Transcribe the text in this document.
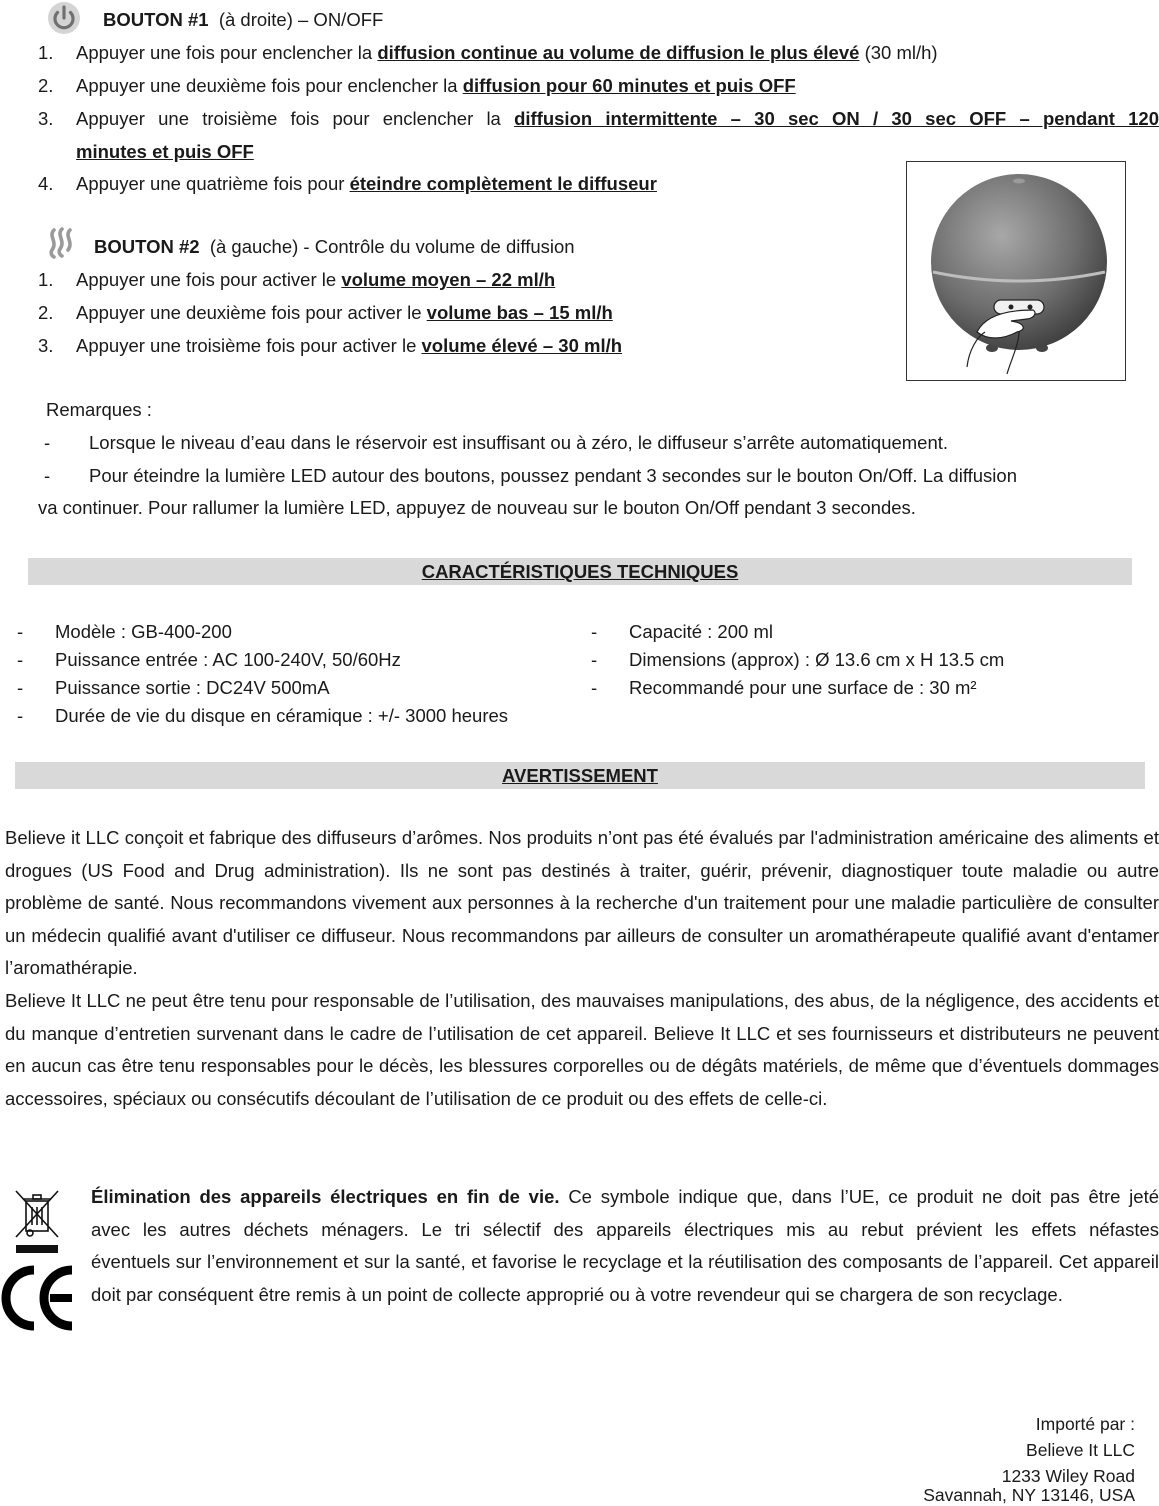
BOUTON #1 (à droite) – ON/OFF
1. Appuyer une fois pour enclencher la diffusion continue au volume de diffusion le plus élevé (30 ml/h)
2. Appuyer une deuxième fois pour enclencher la diffusion pour 60 minutes et puis OFF
3. Appuyer une troisième fois pour enclencher la diffusion intermittente – 30 sec ON / 30 sec OFF – pendant 120
minutes et puis OFF
4. Appuyer une quatrième fois pour éteindre complètement le diffuseur
BOUTON #2 (à gauche) - Contrôle du volume de diffusion
1. Appuyer une fois pour activer le volume moyen – 22 ml/h
2. Appuyer une deuxième fois pour activer le volume bas – 15 ml/h
3. Appuyer une troisième fois pour activer le volume élevé – 30 ml/h
Remarques :
- Lorsque le niveau d’eau dans le réservoir est insuffisant ou à zéro, le diffuseur s’arrête automatiquement.
- Pour éteindre la lumière LED autour des boutons, poussez pendant 3 secondes sur le bouton On/Off. La diffusion
va continuer. Pour rallumer la lumière LED, appuyez de nouveau sur le bouton On/Off pendant 3 secondes.
CARACTÉRISTIQUES TECHNIQUES
- Modèle : GB-400-200
- Puissance entrée : AC 100-240V, 50/60Hz
- Puissance sortie : DC24V 500mA
- Durée de vie du disque en céramique : +/- 3000 heures
- Capacité : 200 ml
- Dimensions (approx) : Ø 13.6 cm x H 13.5 cm
- Recommandé pour une surface de : 30 m²
AVERTISSEMENT
Believe it LLC conçoit et fabrique des diffuseurs d’arômes. Nos produits n’ont pas été évalués par l'administration américaine des aliments et drogues (US Food and Drug administration). Ils ne sont pas destinés à traiter, guérir, prévenir, diagnostiquer toute maladie ou autre problème de santé. Nous recommandons vivement aux personnes à la recherche d'un traitement pour une maladie particulière de consulter un médecin qualifié avant d'utiliser ce diffuseur. Nous recommandons par ailleurs de consulter un aromathérapeute qualifié avant d'entamer l’aromathérapie.
Believe It LLC ne peut être tenu pour responsable de l’utilisation, des mauvaises manipulations, des abus, de la négligence, des accidents et du manque d’entretien survenant dans le cadre de l’utilisation de cet appareil. Believe It LLC et ses fournisseurs et distributeurs ne peuvent en aucun cas être tenu responsables pour le décès, les blessures corporelles ou de dégâts matériels, de même que d’éventuels dommages accessoires, spéciaux ou consécutifs découlant de l’utilisation de ce produit ou des effets de celle-ci.
Élimination des appareils électriques en fin de vie. Ce symbole indique que, dans l’UE, ce produit ne doit pas être jeté
avec les autres déchets ménagers. Le tri sélectif des appareils électriques mis au rebut prévient les effets néfastes
éventuels sur l’environnement et sur la santé, et favorise le recyclage et la réutilisation des composants de l’appareil. Cet appareil doit par conséquent être remis à un point de collecte approprié ou à votre revendeur qui se chargera de son recyclage.
Importé par :
Believe It LLC
1233 Wiley Road
Savannah, NY 13146, USA
